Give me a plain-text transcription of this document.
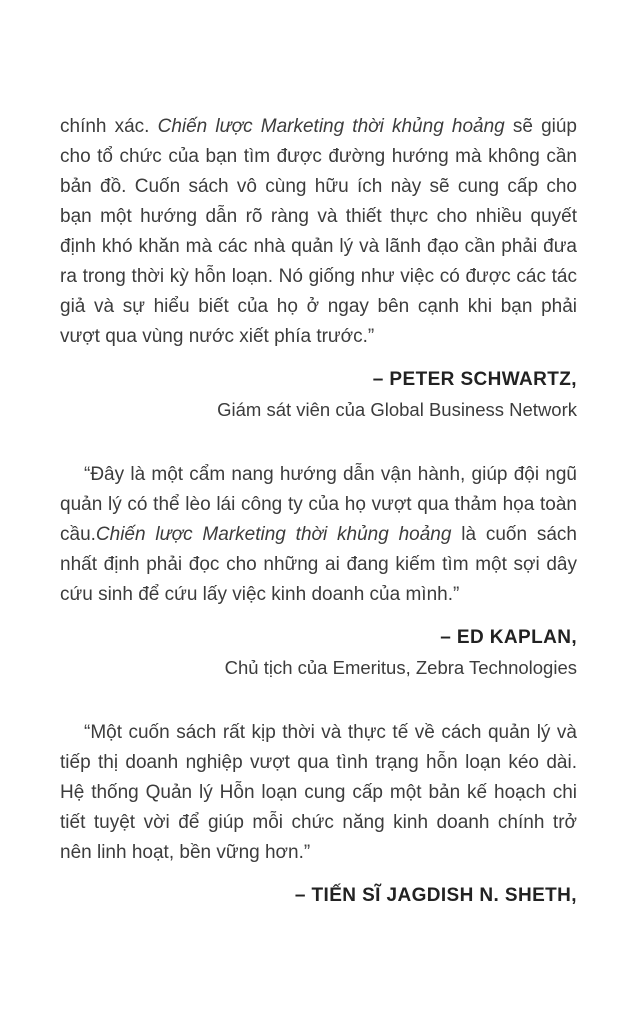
chính xác. Chiến lược Marketing thời khủng hoảng sẽ giúp cho tổ chức của bạn tìm được đường hướng mà không cần bản đồ. Cuốn sách vô cùng hữu ích này sẽ cung cấp cho bạn một hướng dẫn rõ ràng và thiết thực cho nhiều quyết định khó khăn mà các nhà quản lý và lãnh đạo cần phải đưa ra trong thời kỳ hỗn loạn. Nó giống như việc có được các tác giả và sự hiểu biết của họ ở ngay bên cạnh khi bạn phải vượt qua vùng nước xiết phía trước.”

– PETER SCHWARTZ,

Giám sát viên của Global Business Network

“Đây là một cẩm nang hướng dẫn vận hành, giúp đội ngũ quản lý có thể lèo lái công ty của họ vượt qua thảm họa toàn cầu.Chiến lược Marketing thời khủng hoảng là cuốn sách nhất định phải đọc cho những ai đang kiếm tìm một sợi dây cứu sinh để cứu lấy việc kinh doanh của mình.”

– ED KAPLAN,

Chủ tịch của Emeritus, Zebra Technologies

“Một cuốn sách rất kịp thời và thực tế về cách quản lý và tiếp thị doanh nghiệp vượt qua tình trạng hỗn loạn kéo dài. Hệ thống Quản lý Hỗn loạn cung cấp một bản kế hoạch chi tiết tuyệt vời để giúp mỗi chức năng kinh doanh chính trở nên linh hoạt, bền vững hơn.”

– TIẾN SĨ JAGDISH N. SHETH,
